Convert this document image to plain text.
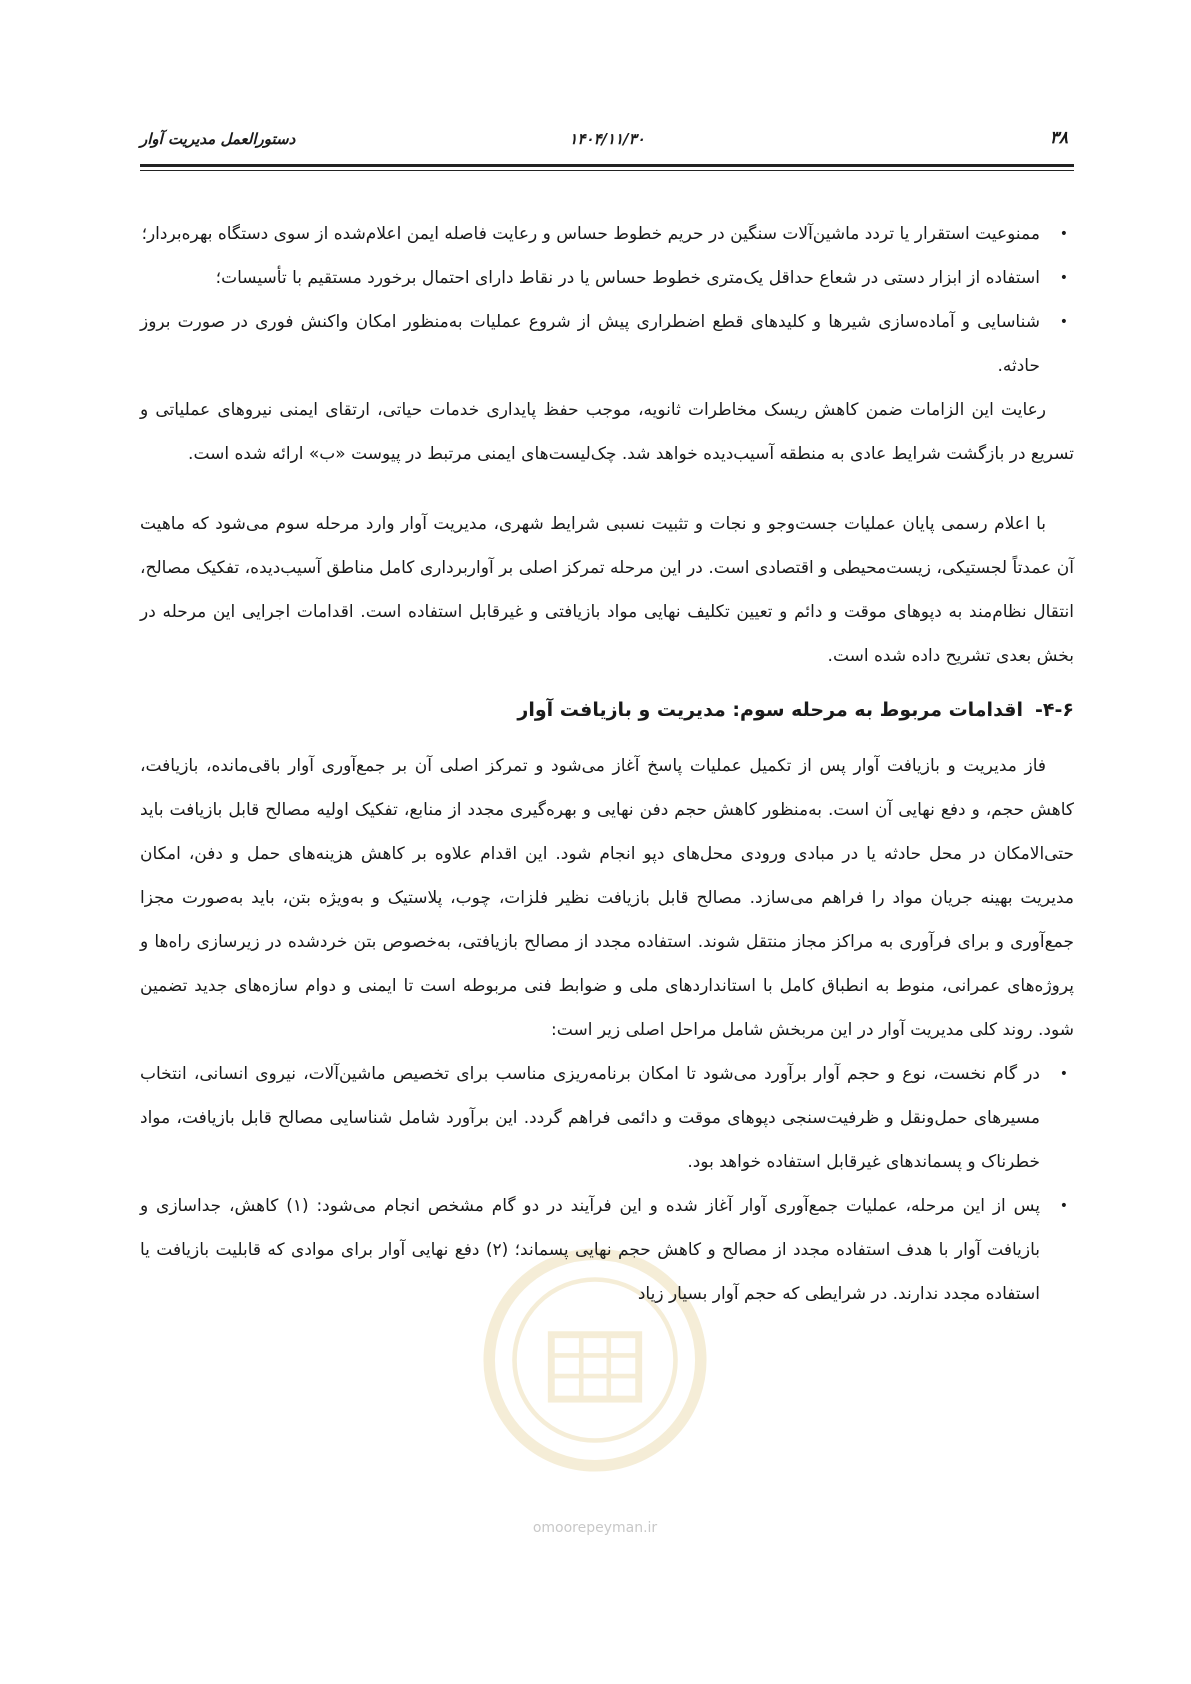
دستورالعمل مدیریت آوار	۱۴۰۴/۱۱/۳۰	۳۸
omoorepeyman.ir
•
ممنوعیت استقرار یا تردد ماشین‌آلات سنگین در حریم خطوط حساس و رعایت فاصله ایمن اعلام‌شده از سوی دستگاه بهره‌بردار؛
•
استفاده از ابزار دستی در شعاع حداقل یک‌متری خطوط حساس یا در نقاط دارای احتمال برخورد مستقیم با تأسیسات؛
•
شناسایی و آماده‌سازی شیرها و کلیدهای قطع اضطراری پیش از شروع عملیات به‌منظور امکان واکنش فوری در صورت بروز حادثه.

رعایت این الزامات ضمن کاهش ریسک مخاطرات ثانویه، موجب حفظ پایداری خدمات حیاتی، ارتقای ایمنی نیروهای عملیاتی و تسریع در بازگشت شرایط عادی به منطقه آسیب‌دیده خواهد شد. چک‌لیست‌های ایمنی مرتبط در پیوست «ب» ارائه شده است.

با اعلام رسمی پایان عملیات جست‌وجو و نجات و تثبیت نسبی شرایط شهری، مدیریت آوار وارد مرحله سوم می‌شود که ماهیت آن عمدتاً لجستیکی، زیست‌محیطی و اقتصادی است. در این مرحله تمرکز اصلی بر آواربرداری کامل مناطق آسیب‌دیده، تفکیک مصالح، انتقال نظام‌مند به دپوهای موقت و دائم و تعیین تکلیف نهایی مواد بازیافتی و غیرقابل استفاده است. اقدامات اجرایی این مرحله در بخش بعدی تشریح داده شده است.

۴-۶-اقدامات مربوط به مرحله سوم: مدیریت و بازیافت آوار

فاز مدیریت و بازیافت آوار پس از تکمیل عملیات پاسخ آغاز می‌شود و تمرکز اصلی آن بر جمع‌آوری آوار باقی‌مانده، بازیافت، کاهش حجم، و دفع نهایی آن است. به‌منظور کاهش حجم دفن نهایی و بهره‌گیری مجدد از منابع، تفکیک اولیه مصالح قابل بازیافت باید حتی‌الامکان در محل حادثه یا در مبادی ورودی محل‌های دپو انجام شود. این اقدام علاوه بر کاهش هزینه‌های حمل و دفن، امکان مدیریت بهینه جریان مواد را فراهم می‌سازد. مصالح قابل بازیافت نظیر فلزات، چوب، پلاستیک و به‌ویژه بتن، باید به‌صورت مجزا جمع‌آوری و برای فرآوری به مراکز مجاز منتقل شوند. استفاده مجدد از مصالح بازیافتی، به‌خصوص بتن خردشده در زیرسازی راه‌ها و پروژه‌های عمرانی، منوط به انطباق کامل با استانداردهای ملی و ضوابط فنی مربوطه است تا ایمنی و دوام سازه‌های جدید تضمین شود. روند کلی مدیریت آوار در این مربخش شامل مراحل اصلی زیر است:

•
در گام نخست، نوع و حجم آوار برآورد می‌شود تا امکان برنامه‌ریزی مناسب برای تخصیص ماشین‌آلات، نیروی انسانی، انتخاب مسیرهای حمل‌ونقل و ظرفیت‌سنجی دپوهای موقت و دائمی فراهم گردد. این برآورد شامل شناسایی مصالح قابل بازیافت، مواد خطرناک و پسماندهای غیرقابل استفاده خواهد بود.
•
پس از این مرحله، عملیات جمع‌آوری آوار آغاز شده و این فرآیند در دو گام مشخص انجام می‌شود: (۱) کاهش، جداسازی و بازیافت آوار با هدف استفاده مجدد از مصالح و کاهش حجم نهایی پسماند؛ (۲) دفع نهایی آوار برای موادی که قابلیت بازیافت یا استفاده مجدد ندارند. در شرایطی که حجم آوار بسیار زیاد
